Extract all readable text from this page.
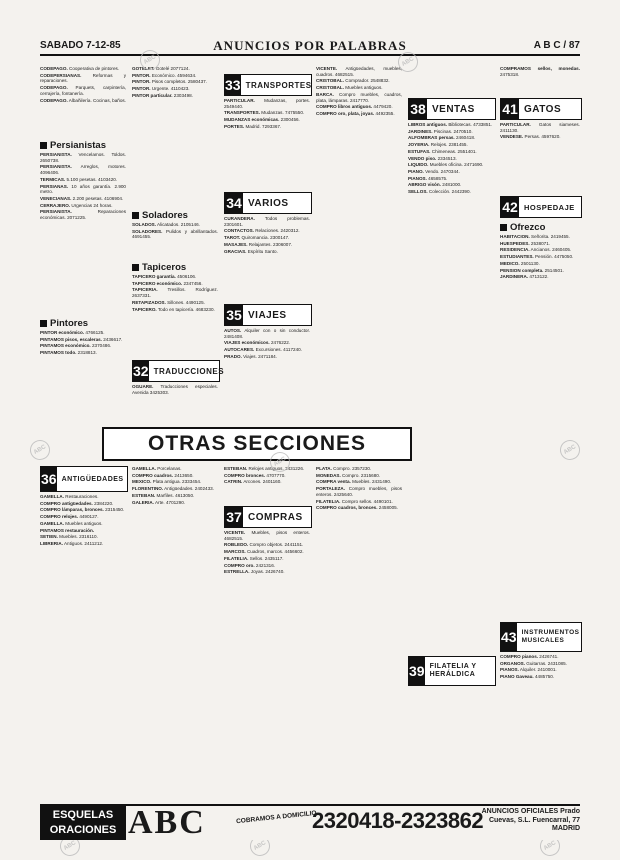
SABADO 7-12-85	ANUNCIOS POR PALABRAS	A B C / 87
CODEPAGO. Cooperativa de pintores.
CODEPERSIANAS. Reformas y reparaciones.
CODEPAGO. Parquets, carpintería, cerrajería, fontanería.
CODEPAGO. Albañilería. Cocinas, baños.
Persianistas
PERSIANISTA. Vencelamos. Toldos. 2650738.
PERSIANISTA. Arreglos, motores. 4096406.
TERMICAS. 5.100 pesetas. 4103420.
PERSIANAS. 10 años garantía. 2.900 metro.
VENECIANAS. 2.200 pesetas. 4106904.
CERRAJERO. Urgencias 24 horas.
PERSIANISTA. Reparaciones económicas. 2071225.
Pintores
PINTOR económico. 4766125.
PINTAMOS pisos, escaleras. 2436617.
PINTAMOS económico. 2370486.
PINTAMOS todo. 2318813.
GOTELET. Gotelé 2077124.
PINTOR. Económico. 4594634.
PINTOR. Pisos completos. 2580437.
PINTOR. Urgente. 4110423.
PINTOR particular. 2303498.
Soladores
SOLADOS. Alicatados. 2105146.
SOLADORES. Pulidos y abrillantados. 4691455.
Tapiceros
TAPICERO garantía. 4506106.
TAPICERO económico. 2347456.
TAPICERIA. Tresillos. Rodríguez. 2637331.
RETAPIZADOS. Sillones. 4490125.
TAPICERO. Todo en tapicería. 4683230.
32 TRADUCCIONES
OGUARE. Traducciones especiales. Avenida 3425303.
33 TRANSPORTES
PARTICULAR. Mudanzas, portes. 2549440.
TRANSPORTES. Mudanzas. 7475550.
MUDANZAS económicas. 2300456.
PORTES. Madrid. 7293367.
34 VARIOS
CURANDERA. Todos problemas. 2301601.
CONTACTOS. Relaciones. 2420312.
TAROT. Quiromancia. 2300147.
MASAJES. Relajantes. 2306007.
GRACIAS. Espíritu Santo.
35 VIAJES
AUTOS. Alquiler con o sin conductor. 2481408.
VIAJES económicos. 2476222.
AUTOCARES. Excursiones. 4117240.
PRADO. Viajes. 2471184.
VICENTE. Antigüedades, muebles, cuadros. 4682515.
CRISTOBAL. Comprador. 2548832.
CRISTOBAL. Muebles antiguos.
BARCA. Compro muebles, cuadros, plata, lámparas. 2417770.
COMPRO libros antiguos. 4479420.
COMPRO oro, plata, joyas. 4492355.	38 VENTAS
LIBROS antiguos. Bibliotecas. 4733851.
JARDINES. Piscinas. 2470510.
ALFOMBRAS persas. 2460418.
JOYERIA. Relojes. 2381455.
ESTUFAS. Chimeneas. 2551401.
VENDO piso. 2334513.
LIQUIDO. Muebles oficina. 2471690.
PIANO. Vendo. 2470344.
PIANOS. 4658575.
ABRIGO visón. 2481000.
SELLOS. Colección. 2442390.
COMPRAMOS sellos, monedas. 2475318.
41 GATOS
PARTICULAR. Gatos siameses. 2411130.
VENDESE. Persas. 4597620.
42 HOSPEDAJE
Ofrezco
HABITACION. Señorita. 2419455.
HUESPEDES. 2538071.
RESIDENCIA. Ancianos. 2460405.
ESTUDIANTES. Pensión. 4475050.
MEDICO. 2501130.
PENSION completa. 2514501.
JARDINERA. 4713122.
43 INSTRUMENTOS MUSICALES
COMPRO pianos. 2426741.
ORGANOS. Guitarras. 2431085.
PIANOS. Alquiler. 2410001.
PIANO Gaveau. 4485750.
OTRAS SECCIONES
36 ANTIGÜEDADES
GAMELLA. Restauraciones.
COMPRO antigüedades. 2384220.
COMPRO lámparas, bronces. 2315450.
COMPRO relojes. 4490127.
GAMELLA. Muebles antiguos.
PINTAMOS restauración.
SETIEN. Muebles. 2316110.
LIBRERIA. Antiguos. 2411212.
GAMELLA. Porcelanas.
COMPRO cuadros. 2413650.
MEXICO. Plata antigua. 2333454.
FLORENTINO. Antigüedades. 2402433.
ESTEBAN. Marfiles. 4613050.
GALERIA. Arte. 4701290.
ESTEBAN. Relojes antiguos. 2431226.
COMPRO bronces. 4707770.
CATRIN. Arcones. 2401160.
37 COMPRAS
VICENTE. Muebles, pisos enteros. 4682515.
ROBLEDO. Compro objetos. 2441151.
MARCOS. Cuadros, marcos. 4456602.
FILATELIA. Sellos. 2435117.
COMPRO oro. 2421316.
ESTRELLA. Joyas. 2426740.
PLATA. Compro. 2357230.
MONEDAS. Compro. 2315680.
COMPRA venta. Muebles. 2431490.
PORTALEZA. Compro muebles, pisos enteros. 2425640.
FILATELIA. Compro sellos. 4490101.
COMPRO cuadros, bronces. 2458005.
39 FILATELIA Y HERÁLDICA
ABC	ABC
ABC
ABC	ABC
ABC	ABC	ABC
ESQUELAS ORACIONES ABC	COBRAMOS A DOMICILIO
2320418-2323862
ANUNCIOS OFICIALES Prado Cuevas, S.L. Fuencarral, 77 MADRID
